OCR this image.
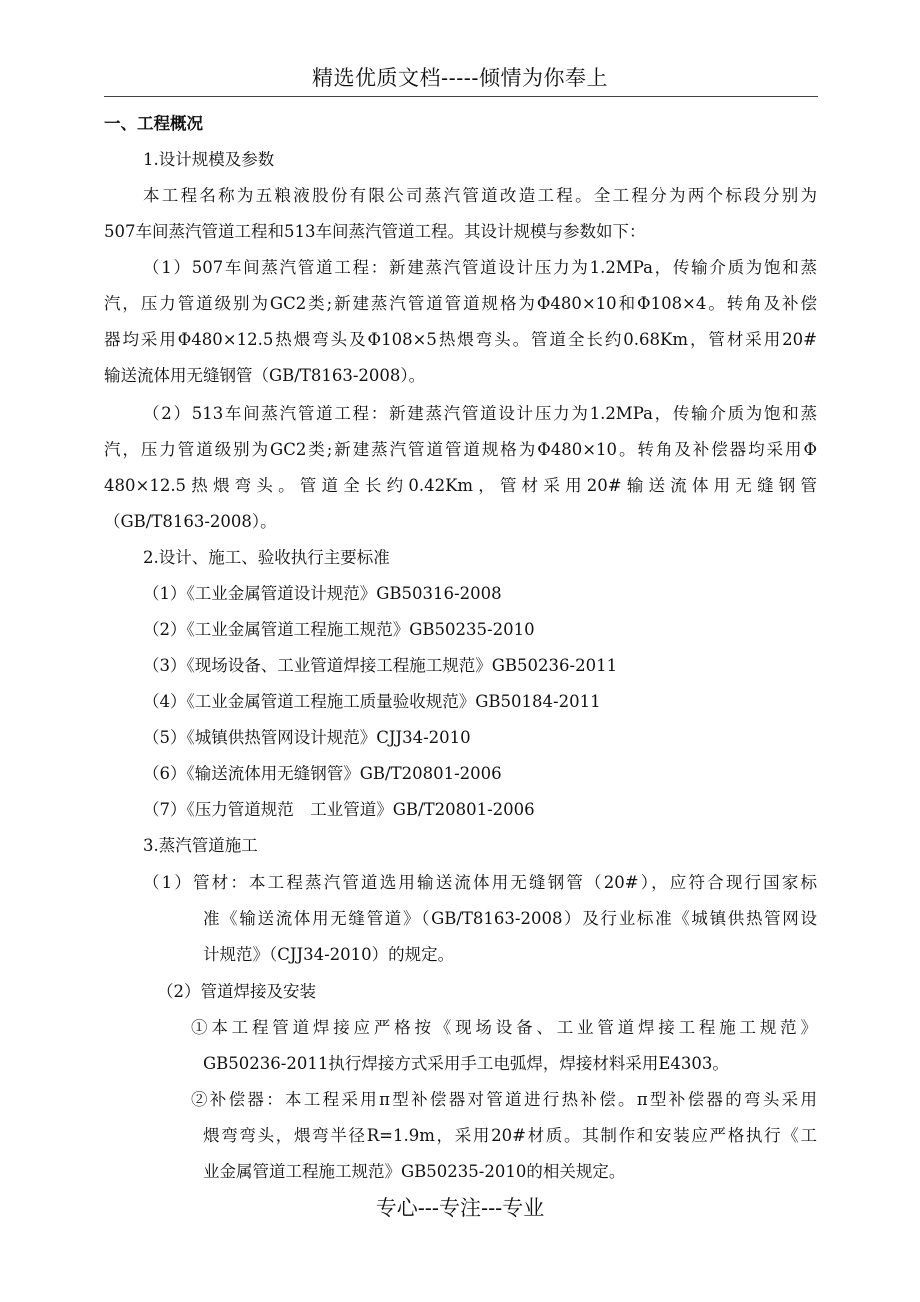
精选优质文档-----倾情为你奉上
一、工程概况
1.设计规模及参数
本工程名称为五粮液股份有限公司蒸汽管道改造工程。全工程分为两个标段分别为
507车间蒸汽管道工程和513车间蒸汽管道工程。其设计规模与参数如下：
（1）507车间蒸汽管道工程：新建蒸汽管道设计压力为1.2MPa，传输介质为饱和蒸
汽，压力管道级别为GC2类;新建蒸汽管道管道规格为Φ480×10和Φ108×4。转角及补偿
器均采用Φ480×12.5热煨弯头及Φ108×5热煨弯头。管道全长约0.68Km，管材采用20#
输送流体用无缝钢管（GB/T8163-2008）。
（2）513车间蒸汽管道工程：新建蒸汽管道设计压力为1.2MPa，传输介质为饱和蒸
汽，压力管道级别为GC2类;新建蒸汽管道管道规格为Φ480×10。转角及补偿器均采用Φ
480×12.5热煨弯头。管道全长约0.42Km，管材采用20#输送流体用无缝钢管
（GB/T8163-2008）。
2.设计、施工、验收执行主要标准
（1）《工业金属管道设计规范》GB50316-2008
（2）《工业金属管道工程施工规范》GB50235-2010
（3）《现场设备、工业管道焊接工程施工规范》GB50236-2011
（4）《工业金属管道工程施工质量验收规范》GB50184-2011
（5）《城镇供热管网设计规范》CJJ34-2010
（6）《输送流体用无缝钢管》GB/T20801-2006
（7）《压力管道规范　工业管道》GB/T20801-2006
3.蒸汽管道施工
（1）管材：本工程蒸汽管道选用输送流体用无缝钢管（20#），应符合现行国家标
准《输送流体用无缝管道》（GB/T8163-2008）及行业标准《城镇供热管网设
计规范》（CJJ34-2010）的规定。
（2）管道焊接及安装
①本工程管道焊接应严格按《现场设备、工业管道焊接工程施工规范》
GB50236-2011执行焊接方式采用手工电弧焊，焊接材料采用E4303。
②补偿器：本工程采用π型补偿器对管道进行热补偿。π型补偿器的弯头采用
煨弯弯头，煨弯半径R=1.9m，采用20#材质。其制作和安装应严格执行《工
业金属管道工程施工规范》GB50235-2010的相关规定。
专心---专注---专业
